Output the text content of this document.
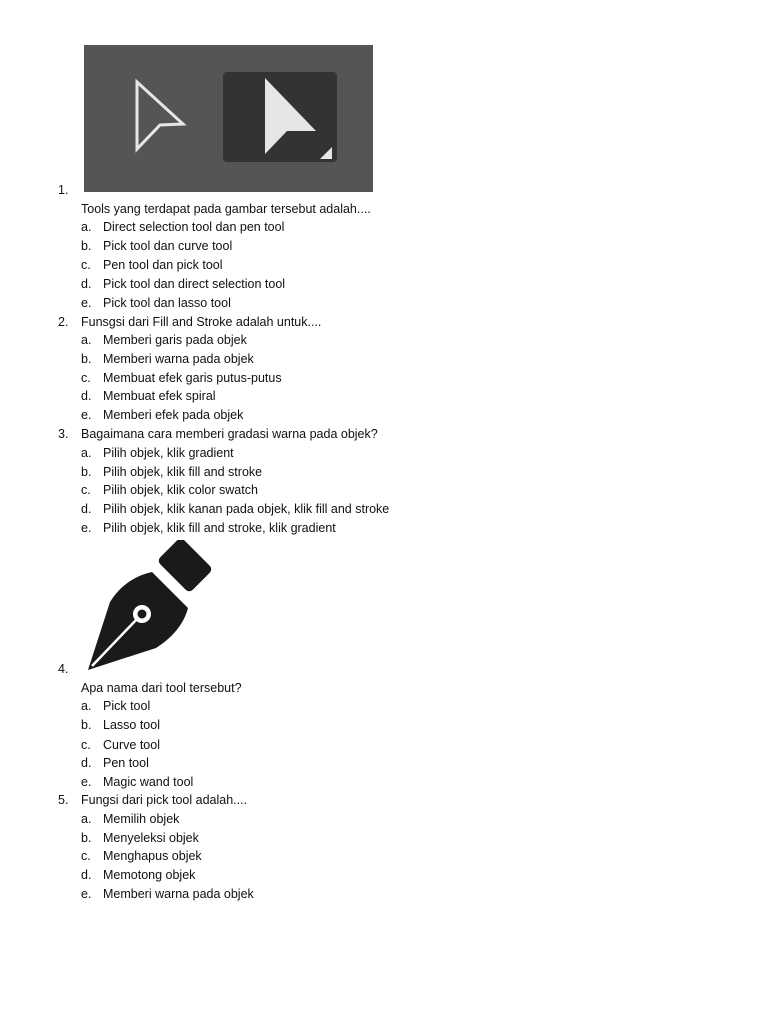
1.
Tools yang terdapat pada gambar tersebut adalah....
a. Direct selection tool dan pen tool
b. Pick tool dan curve tool
c. Pen tool dan pick tool
d. Pick tool dan direct selection tool
e. Pick tool dan lasso tool
2. Funsgsi dari Fill and Stroke adalah untuk....
a. Memberi garis pada objek
b. Memberi warna pada objek
c. Membuat efek garis putus-putus
d. Membuat efek spiral
e. Memberi efek pada objek
3. Bagaimana cara memberi gradasi warna pada objek?
a. Pilih objek, klik gradient
b. Pilih objek, klik fill and stroke
c. Pilih objek, klik color swatch
d. Pilih objek, klik kanan pada objek, klik fill and stroke
e. Pilih objek, klik fill and stroke, klik gradient
4.
Apa nama dari tool tersebut?
a. Pick tool
b. Lasso tool
c. Curve tool
d. Pen tool
e. Magic wand tool
5. Fungsi dari pick tool adalah....
a. Memilih objek
b. Menyeleksi objek
c. Menghapus objek
d. Memotong objek
e. Memberi warna pada objek
